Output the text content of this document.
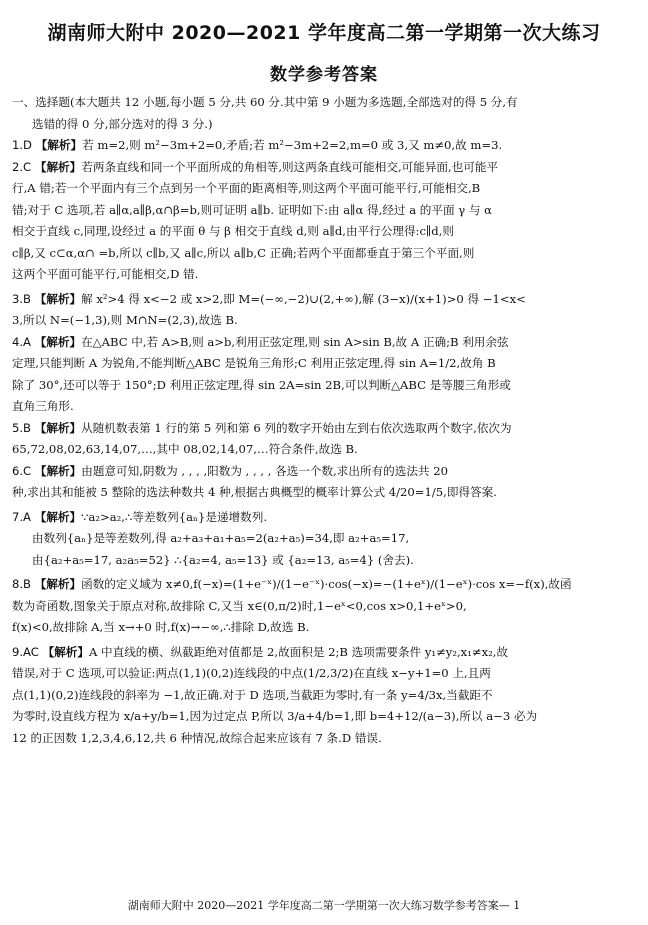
湖南师大附中 2020—2021 学年度高二第一学期第一次大练习
数学参考答案
一、选择题(本大题共 12 小题,每小题 5 分,共 60 分.其中第 9 小题为多选题,全部选对的得 5 分,有
选错的得 0 分,部分选对的得 3 分.)
1.D 【解析】若 m=2,则 m²−3m+2=0,矛盾;若 m²−3m+2=2,m=0 或 3,又 m≠0,故 m=3.
2.C 【解析】若两条直线和同一个平面所成的角相等,则这两条直线可能相交,可能异面,也可能平
行,A 错;若一个平面内有三个点到另一个平面的距离相等,则这两个平面可能平行,可能相交,B
错;对于 C 选项,若 a∥α,a∥β,α∩β=b,则可证明 a∥b. 证明如下:由 a∥α 得,经过 a 的平面 γ 与 α
相交于直线 c,同理,设经过 a 的平面 θ 与 β 相交于直线 d,则 a∥d,由平行公理得:c∥d,则
c∥β,又 c⊂α,α∩ =b,所以 c∥b,又 a∥c,所以 a∥b,C 正确;若两个平面都垂直于第三个平面,则
这两个平面可能平行,可能相交,D 错.
3.B 【解析】解 x²>4 得 x<−2 或 x>2,即 M=(−∞,−2)∪(2,+∞),解 (3−x)/(x+1)>0 得 −1<x<
3,所以 N=(−1,3),则 M∩N=(2,3),故选 B.
4.A 【解析】在△ABC 中,若 A>B,则 a>b,利用正弦定理,则 sin A>sin B,故 A 正确;B 利用余弦
定理,只能判断 A 为锐角,不能判断△ABC 是锐角三角形;C 利用正弦定理,得 sin A=1/2,故角 B
除了 30°,还可以等于 150°;D 利用正弦定理,得 sin 2A=sin 2B,可以判断△ABC 是等腰三角形或
直角三角形.
5.B 【解析】从随机数表第 1 行的第 5 列和第 6 列的数字开始由左到右依次选取两个数字,依次为
65,72,08,02,63,14,07,…,其中 08,02,14,07,…符合条件,故选 B.
6.C 【解析】由题意可知,阴数为 , , , ,阳数为 , , , , 各选一个数,求出所有的选法共 20
种,求出其和能被 5 整除的选法种数共 4 种,根据古典概型的概率计算公式 4/20=1/5,即得答案.
7.A 【解析】∵a₂>a₂,∴等差数列{aₙ}是递增数列.
由数列{aₙ}是等差数列,得 a₂+a₃+a₁+a₅=2(a₂+a₅)=34,即 a₂+a₅=17,
由{a₂+a₅=17, a₂a₅=52} ∴{a₂=4, a₅=13} 或 {a₂=13, a₅=4} (舍去).
8.B 【解析】函数的定义域为 x≠0,f(−x)=(1+e⁻ˣ)/(1−e⁻ˣ)·cos(−x)=−(1+eˣ)/(1−eˣ)·cos x=−f(x),故函
数为奇函数,图象关于原点对称,故排除 C,又当 x∈(0,π/2)时,1−eˣ<0,cos x>0,1+eˣ>0,
f(x)<0,故排除 A,当 x→+0 时,f(x)→−∞,∴排除 D,故选 B.
9.AC 【解析】A 中直线的横、纵截距绝对值都是 2,故面积是 2;B 选项需要条件 y₁≠y₂,x₁≠x₂,故
错误,对于 C 选项,可以验证:两点(1,1)(0,2)连线段的中点(1/2,3/2)在直线 x−y+1=0 上,且两
点(1,1)(0,2)连线段的斜率为 −1,故正确.对于 D 选项,当截距为零时,有一条 y=4/3x,当截距不
为零时,设直线方程为 x/a+y/b=1,因为过定点 P,所以 3/a+4/b=1,即 b=4+12/(a−3),所以 a−3 必为
12 的正因数 1,2,3,4,6,12,共 6 种情况,故综合起来应该有 7 条.D 错误.
湖南师大附中 2020—2021 学年度高二第一学期第一次大练习数学参考答案— 1
